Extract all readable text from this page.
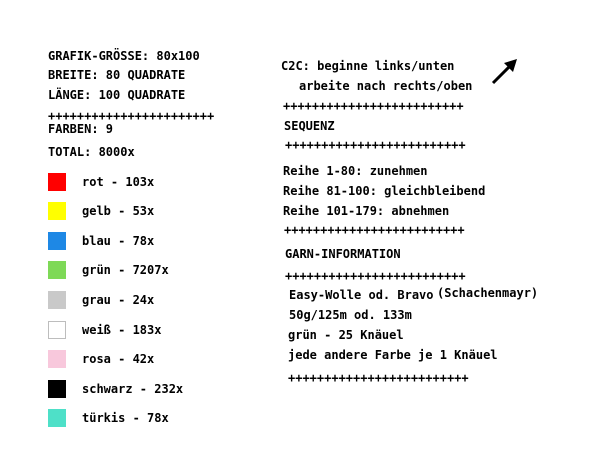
GRAFIK-GRÖSSE: 80x100
BREITE: 80 QUADRATE
LÄNGE: 100 QUADRATE
+++++++++++++++++++++++
FARBEN: 9
TOTAL: 8000x
rot - 103x
gelb - 53x
blau - 78x
grün - 7207x
grau - 24x
weiß - 183x
rosa - 42x
schwarz - 232x
türkis - 78x
C2C: beginne links/unten
arbeite nach rechts/oben
+++++++++++++++++++++++++
SEQUENZ
+++++++++++++++++++++++++
Reihe 1-80: zunehmen
Reihe 81-100: gleichbleibend
Reihe 101-179: abnehmen
+++++++++++++++++++++++++
GARN-INFORMATION
+++++++++++++++++++++++++
Easy-Wolle od. Bravo (Schachenmayr)
50g/125m od. 133m
grün - 25 Knäuel
jede andere Farbe je 1 Knäuel
+++++++++++++++++++++++++
